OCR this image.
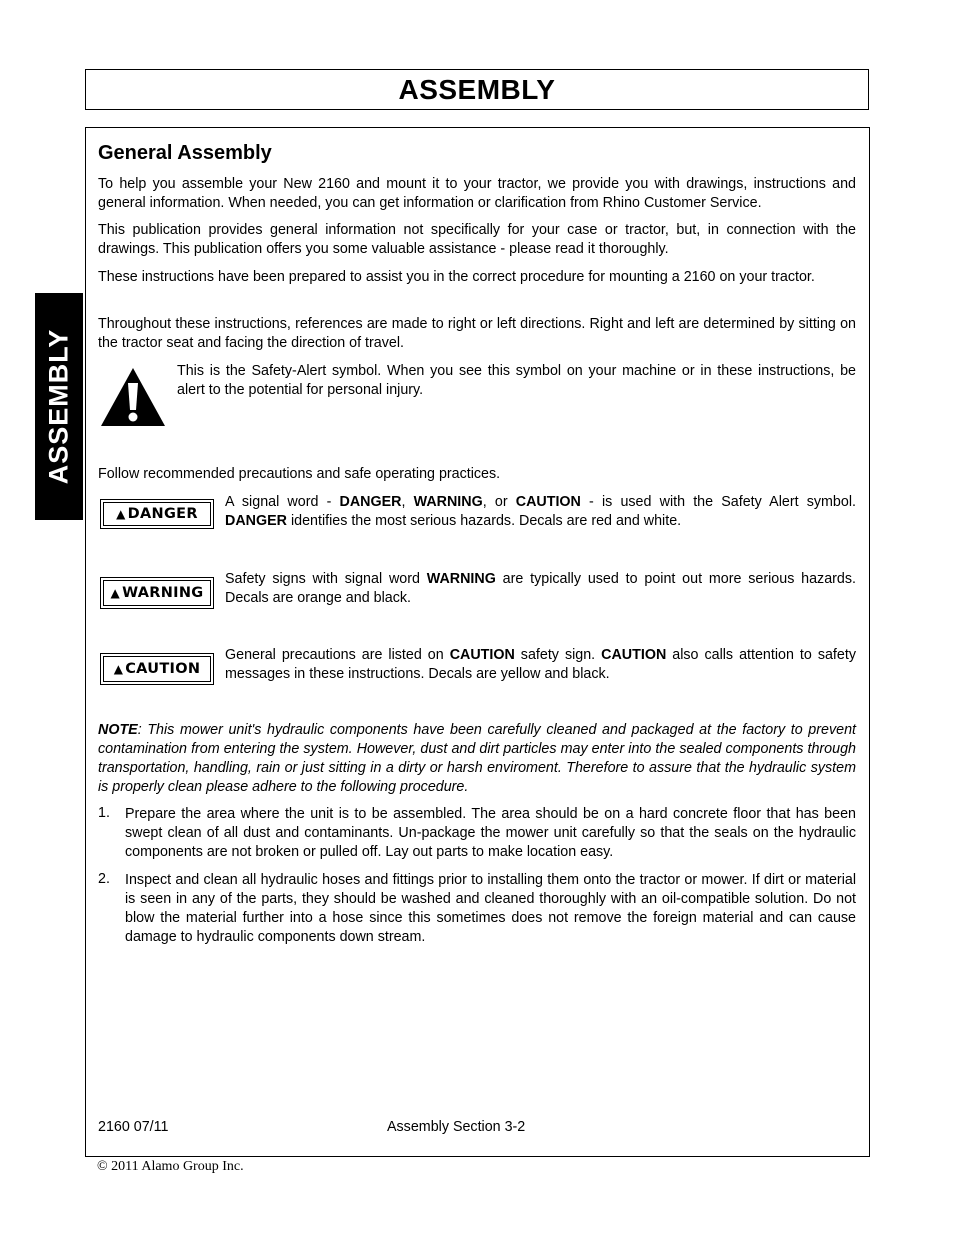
ASSEMBLY
ASSEMBLY
General Assembly
To help you assemble your New 2160 and mount it to your tractor, we provide you with drawings, instructions and general information. When needed, you can get information or clarification from Rhino Customer Service.
This publication provides general information not specifically for your case or tractor, but, in connection with the drawings. This publication offers you some valuable assistance - please read it thoroughly.
These instructions have been prepared to assist you in the correct procedure for mounting a 2160 on your tractor.
Throughout these instructions, references are made to right or left directions. Right and left are determined by sitting on the tractor seat and facing the direction of travel.
This is the Safety-Alert symbol. When you see this symbol on your machine or in these instructions, be alert to the potential for personal injury.
Follow recommended precautions and safe operating practices.
▲ DANGER
A signal word - DANGER, WARNING, or CAUTION - is used with the Safety Alert symbol. DANGER identifies the most serious hazards. Decals are red and white.
▲ WARNING
Safety signs with signal word WARNING are typically used to point out more serious hazards. Decals are orange and black.
▲ CAUTION
General precautions are listed on CAUTION safety sign. CAUTION also calls attention to safety messages in these instructions. Decals are yellow and black.
NOTE: This mower unit's hydraulic components have been carefully cleaned and packaged at the factory to prevent contamination from entering the system. However, dust and dirt particles may enter into the sealed components through transportation, handling, rain or just sitting in a dirty or harsh enviroment. Therefore to assure that the hydraulic system is properly clean please adhere to the following procedure.
1. Prepare the area where the unit is to be assembled. The area should be on a hard concrete floor that has been swept clean of all dust and contaminants. Un-package the mower unit carefully so that the seals on the hydraulic components are not broken or pulled off. Lay out parts to make location easy.
2. Inspect and clean all hydraulic hoses and fittings prior to installing them onto the tractor or mower. If dirt or material is seen in any of the parts, they should be washed and cleaned thoroughly with an oil-compatible solution. Do not blow the material further into a hose since this sometimes does not remove the foreign material and can cause damage to hydraulic components down stream.
2160 07/11	Assembly Section 3-2
© 2011 Alamo Group Inc.
